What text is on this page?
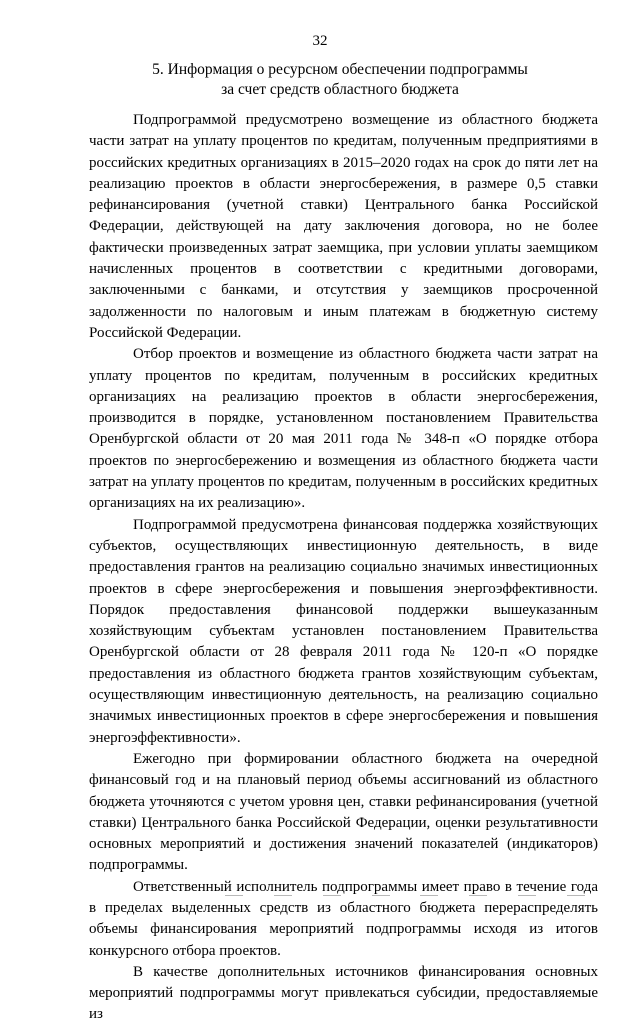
32
5. Информация о ресурсном обеспечении подпрограммы
за счет средств областного бюджета

Подпрограммой предусмотрено возмещение из областного бюджета части затрат на уплату процентов по кредитам, полученным предприятиями в российских кредитных организациях в 2015–2020 годах на срок до пяти лет на реализацию проектов в области энергосбережения, в размере 0,5 ставки рефинансирования (учетной ставки) Центрального банка Российской Федерации, действующей на дату заключения договора, но не более фактически произведенных затрат заемщика, при условии уплаты заемщиком начисленных процентов в соответствии с кредитными договорами, заключенными с банками, и отсутствия у заемщиков просроченной задолженности по налоговым и иным платежам в бюджетную систему Российской Федерации.

Отбор проектов и возмещение из областного бюджета части затрат на уплату процентов по кредитам, полученным в российских кредитных организациях на реализацию проектов в области энергосбережения, производится в порядке, установленном постановлением Правительства Оренбургской области от 20 мая 2011 года № 348-п «О порядке отбора проектов по энергосбережению и возмещения из областного бюджета части затрат на уплату процентов по кредитам, полученным в российских кредитных организациях на их реализацию».

Подпрограммой предусмотрена финансовая поддержка хозяйствующих субъектов, осуществляющих инвестиционную деятельность, в виде предоставления грантов на реализацию социально значимых инвестиционных проектов в сфере энергосбережения и повышения энергоэффективности. Порядок предоставления финансовой поддержки вышеуказанным хозяйствующим субъектам установлен постановлением Правительства Оренбургской области от 28 февраля 2011 года № 120-п «О порядке предоставления из областного бюджета грантов хозяйствующим субъектам, осуществляющим инвестиционную деятельность, на реализацию социально значимых инвестиционных проектов в сфере энергосбережения и повышения энергоэффективности».

Ежегодно при формировании областного бюджета на очередной финансовый год и на плановый период объемы ассигнований из областного бюджета уточняются с учетом уровня цен, ставки рефинансирования (учетной ставки) Центрального банка Российской Федерации, оценки результативности основных мероприятий и достижения значений показателей (индикаторов) подпрограммы.

Ответственный исполнитель подпрограммы имеет право в течение года в пределах выделенных средств из областного бюджета перераспределять объемы финансирования мероприятий подпрограммы исходя из итогов конкурсного отбора проектов.

В качестве дополнительных источников финансирования основных мероприятий подпрограммы могут привлекаться субсидии, предоставляемые из
